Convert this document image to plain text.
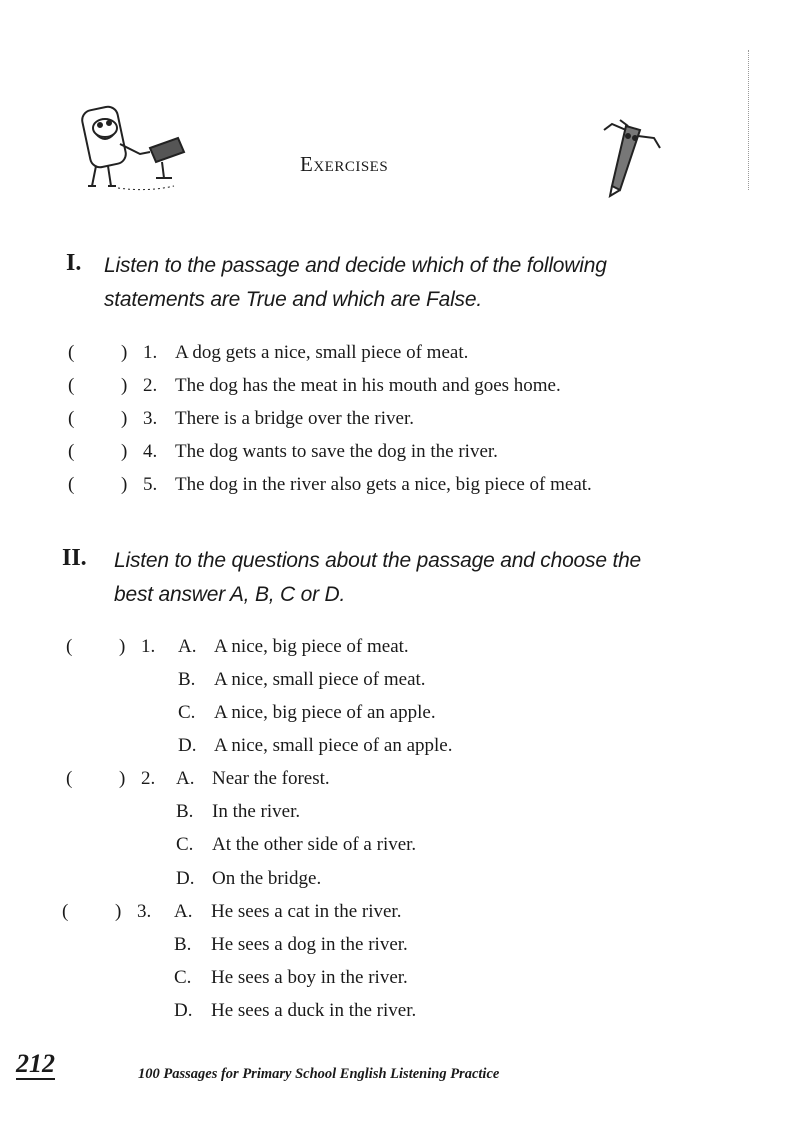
Exercises
I. Listen to the passage and decide which of the following
statements are True and which are False.
( ) 1. A dog gets a nice, small piece of meat.
( ) 2. The dog has the meat in his mouth and goes home.
( ) 3. There is a bridge over the river.
( ) 4. The dog wants to save the dog in the river.
( ) 5. The dog in the river also gets a nice, big piece of meat.
II. Listen to the questions about the passage and choose the
best answer A, B, C or D.
( ) 1. A. A nice, big piece of meat.
B. A nice, small piece of meat.
C. A nice, big piece of an apple.
D. A nice, small piece of an apple.
( ) 2. A. Near the forest.
B. In the river.
C. At the other side of a river.
D. On the bridge.
( ) 3. A. He sees a cat in the river.
B. He sees a dog in the river.
C. He sees a boy in the river.
D. He sees a duck in the river.
212	100 Passages for Primary School English Listening Practice
